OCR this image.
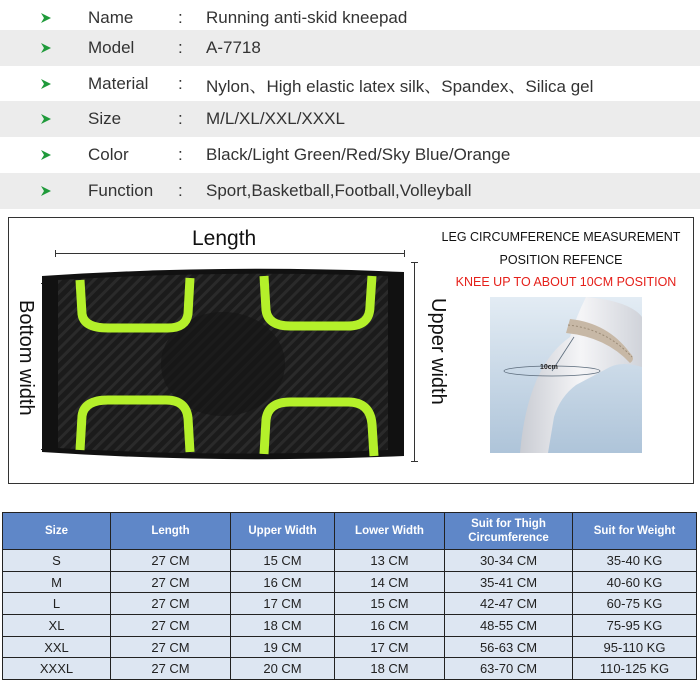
Name	: Running anti-skid kneepad
Model	: A-7718
Material : Nylon、High elastic latex silk、Spandex、Silica gel
Size	: M/L/XL/XXL/XXXL
Color	: Black/Light Green/Red/Sky Blue/Orange
Function : Sport,Basketball,Football,Volleyball
Length
Bottom width	Upper width
LEG CIRCUMFERENCE MEASUREMENT
POSITION REFENCE
KNEE UP TO ABOUT 10CM POSITION
10cm
Size	Length	Upper Width	Lower Width	Suit for Thigh Circumference	Suit for Weight
S	27 CM	15 CM	13 CM	30-34 CM	35-40 KG
M	27 CM	16 CM	14 CM	35-41 CM	40-60 KG
L	27 CM	17 CM	15 CM	42-47 CM	60-75 KG
XL	27 CM	18 CM	16 CM	48-55 CM	75-95 KG
XXL	27 CM	19 CM	17 CM	56-63 CM	95-110 KG
XXXL	27 CM	20 CM	18 CM	63-70 CM	110-125 KG
